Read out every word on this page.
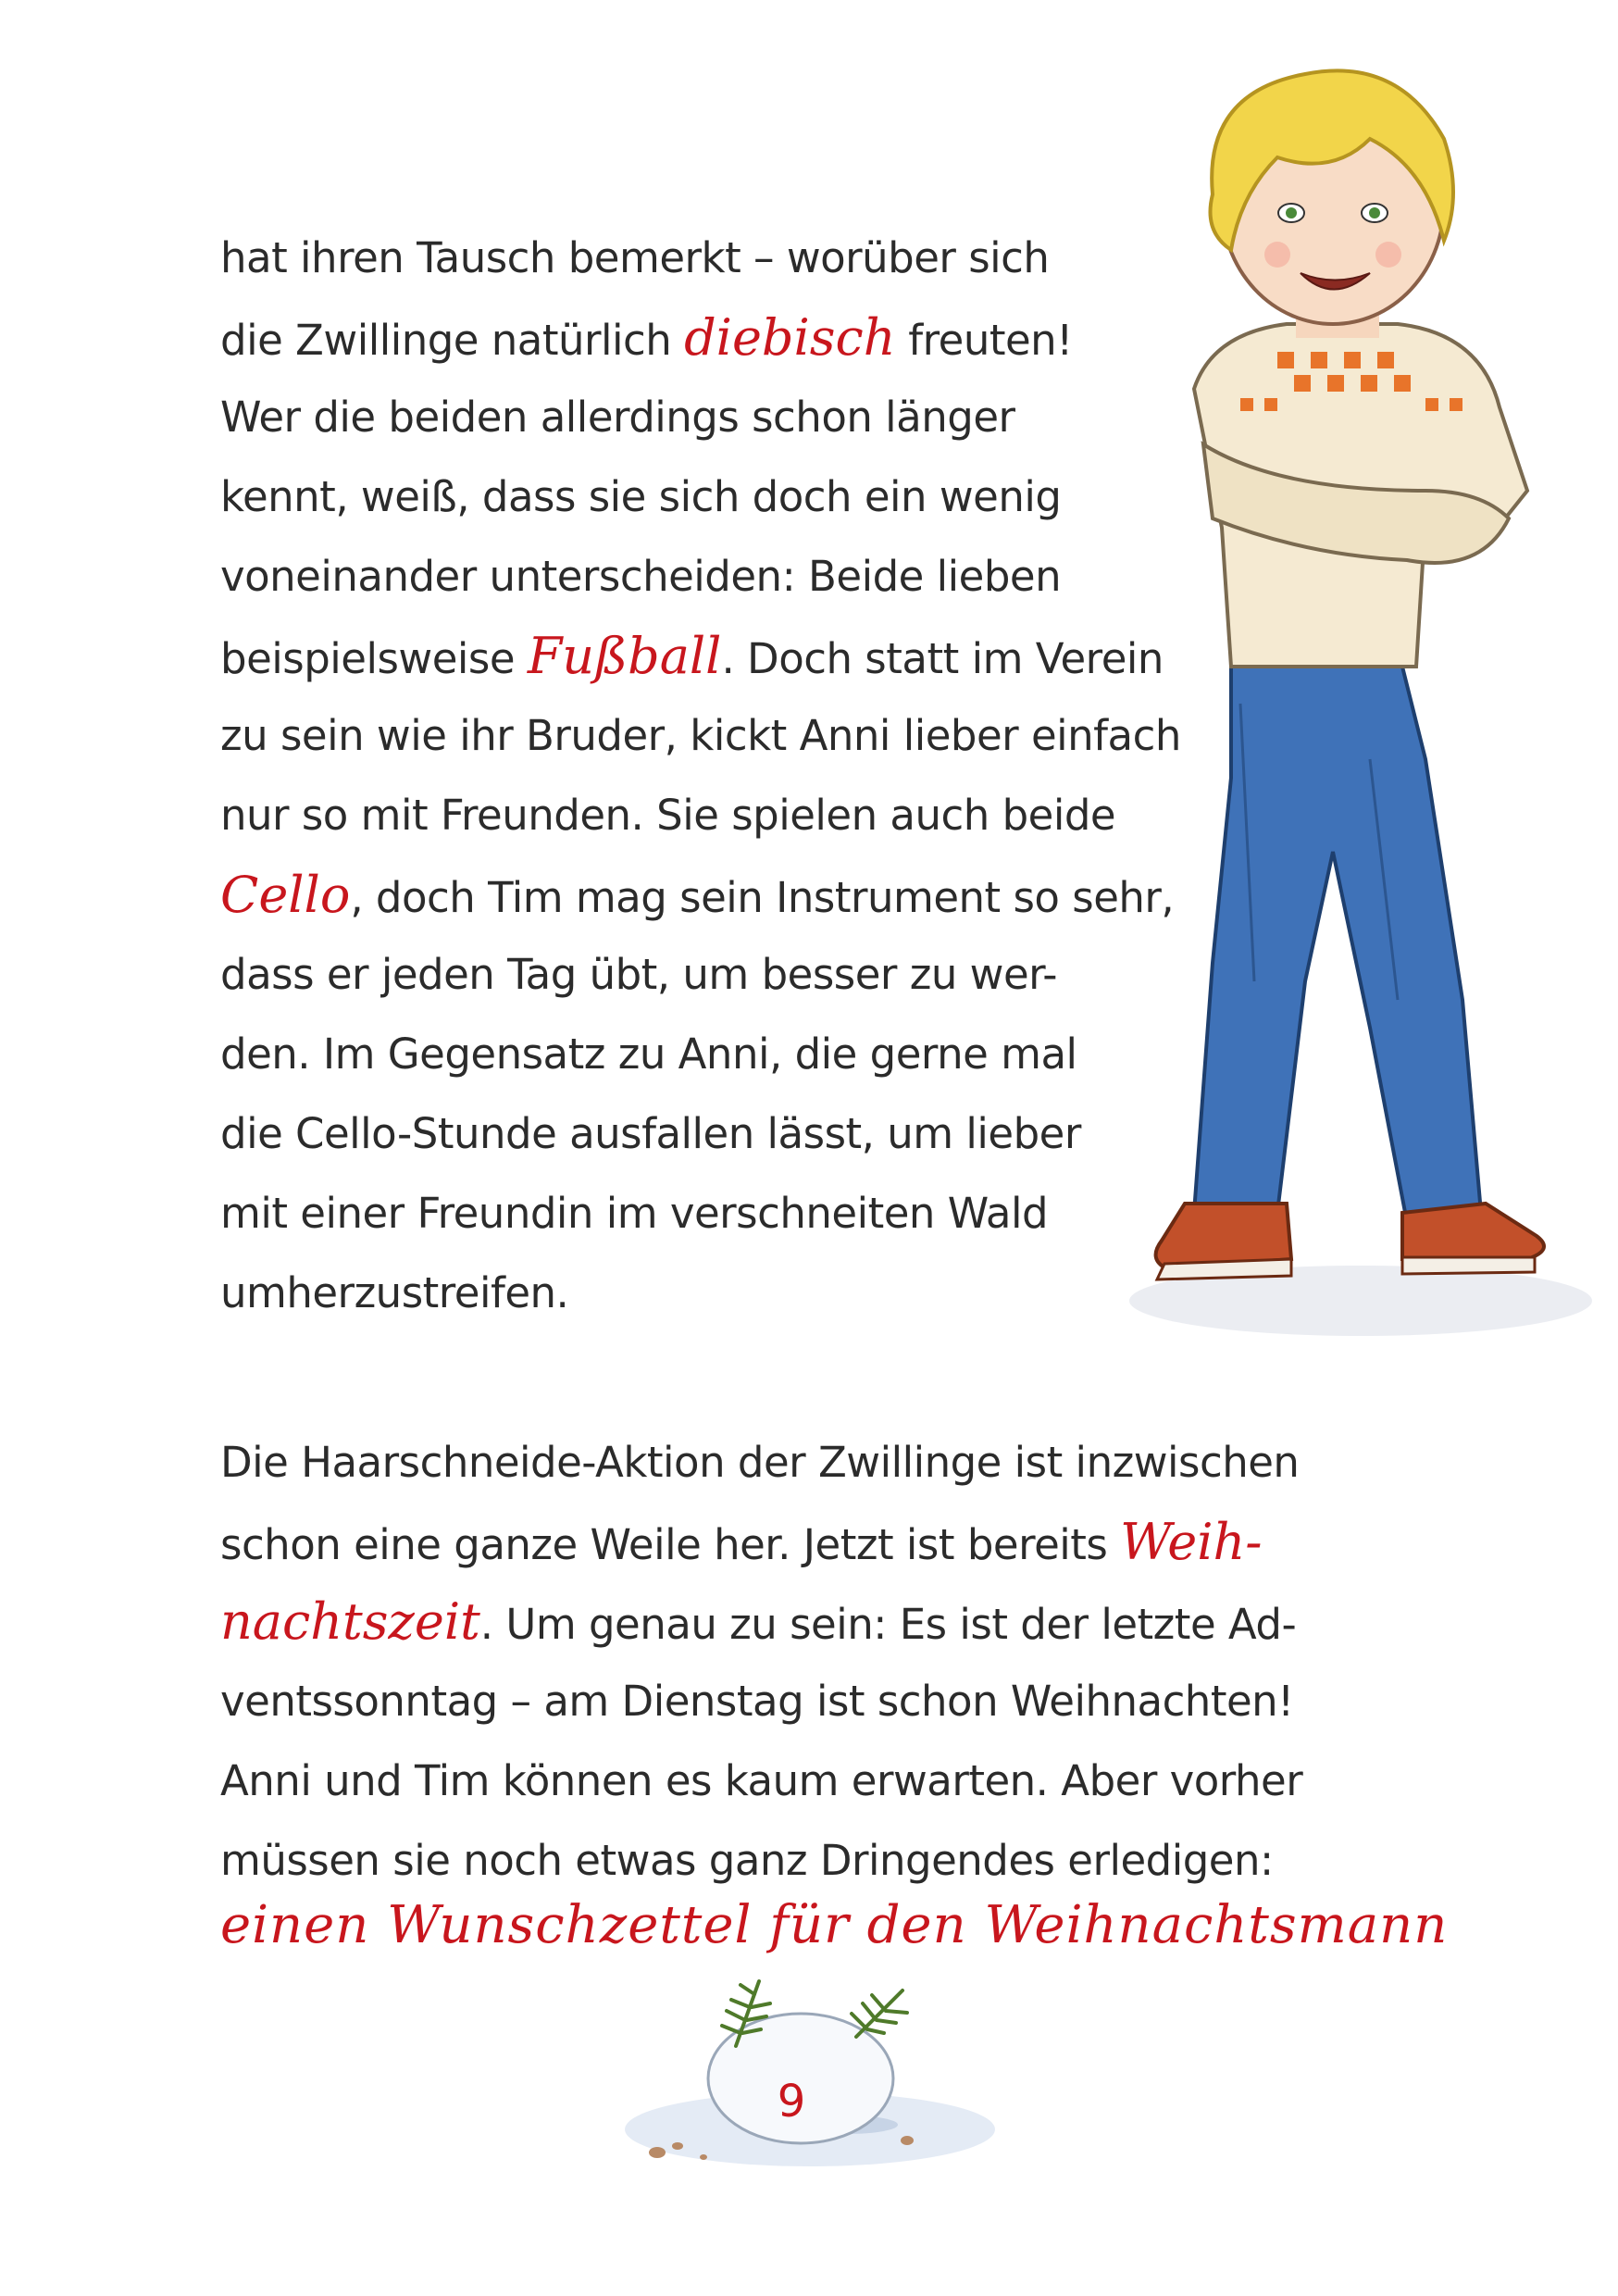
hat ihren Tausch bemerkt – worüber sich
die Zwillinge natürlich diebisch freuten!
Wer die beiden allerdings schon länger
kennt, weiß, dass sie sich doch ein wenig
voneinander unterscheiden: Beide lieben
beispielsweise Fußball. Doch statt im Verein
zu sein wie ihr Bruder, kickt Anni lieber einfach
nur so mit Freunden. Sie spielen auch beide
Cello, doch Tim mag sein Instrument so sehr,
dass er jeden Tag übt, um besser zu wer-
den. Im Gegensatz zu Anni, die gerne mal
die Cello-Stunde ausfallen lässt, um lieber
mit einer Freundin im verschneiten Wald
umherzustreifen.
Die Haarschneide-Aktion der Zwillinge ist inzwischen
schon eine ganze Weile her. Jetzt ist bereits Weih-
nachtszeit. Um genau zu sein: Es ist der letzte Ad-
ventssonntag – am Dienstag ist schon Weihnachten!
Anni und Tim können es kaum erwarten. Aber vorher
müssen sie noch etwas ganz Dringendes erledigen:
einen Wunschzettel für den Weihnachtsmann
9
